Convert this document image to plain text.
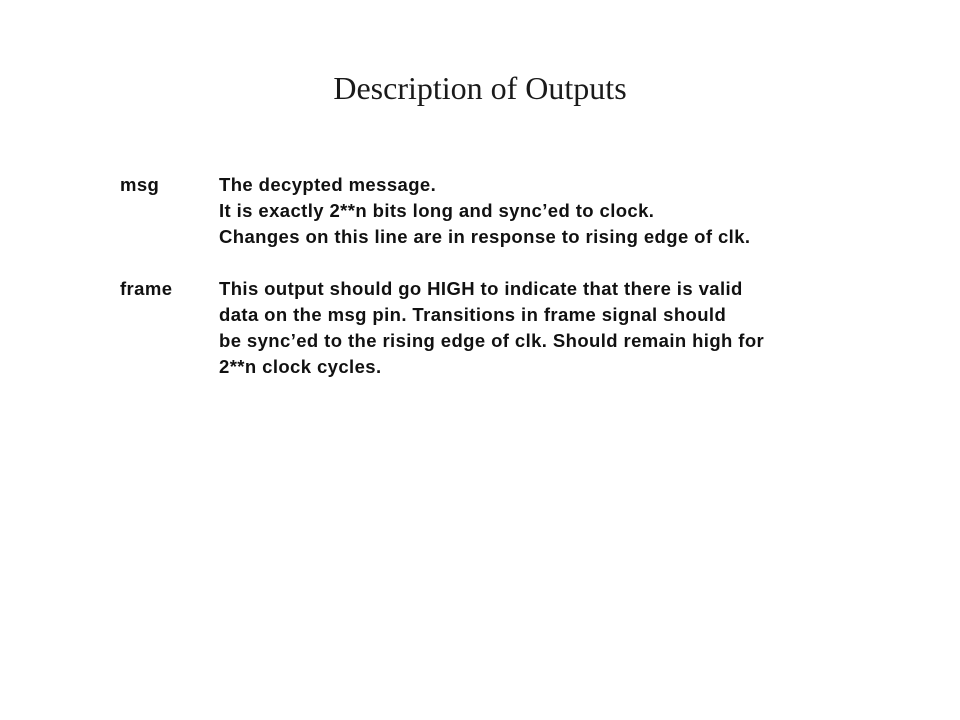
Description of Outputs
msg	The decypted message.
It is exactly 2**n bits long and sync’ed to clock.
Changes on this line are in response to rising edge of clk.
frame	This output should go HIGH to indicate that there is valid
data on the msg pin. Transitions in frame signal should
be sync’ed to the rising edge of clk. Should remain high for
2**n clock cycles.
